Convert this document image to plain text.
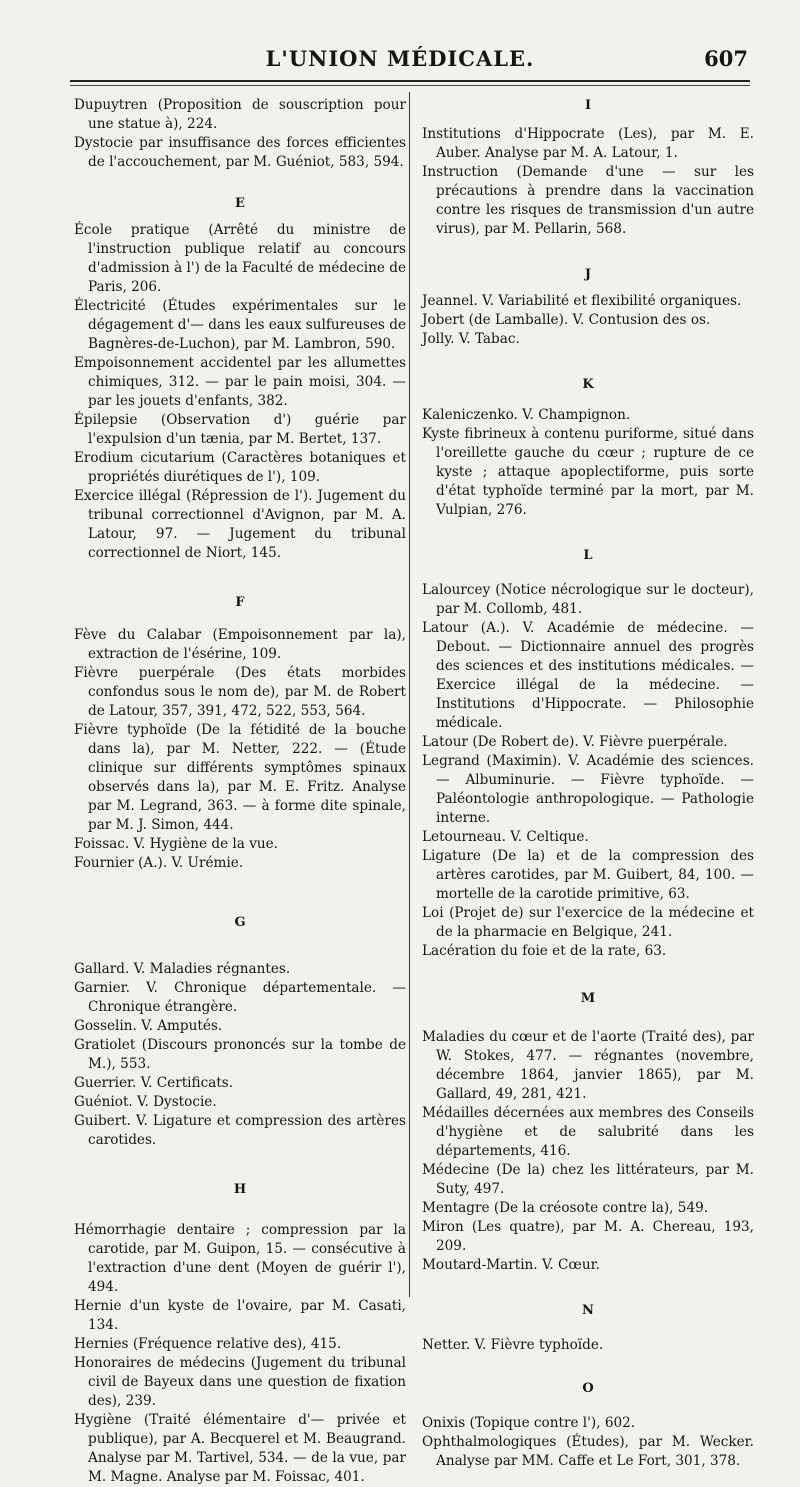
L'UNION MÉDICALE.	607
Dupuytren (Proposition de souscription pour une statue à), 224.
Dystocie par insuffisance des forces efficientes de l'accouchement, par M. Guéniot, 583, 594.
E
École pratique (Arrêté du ministre de l'instruction publique relatif au concours d'admission à l') de la Faculté de médecine de Paris, 206.
Électricité (Études expérimentales sur le dégagement d'— dans les eaux sulfureuses de Bagnères-de-Luchon), par M. Lambron, 590.
Empoisonnement accidentel par les allumettes chimiques, 312. — par le pain moisi, 304. — par les jouets d'enfants, 382.
Épilepsie (Observation d') guérie par l'expulsion d'un tænia, par M. Bertet, 137.
Erodium cicutarium (Caractères botaniques et propriétés diurétiques de l'), 109.
Exercice illégal (Répression de l'). Jugement du tribunal correctionnel d'Avignon, par M. A. Latour, 97. — Jugement du tribunal correctionnel de Niort, 145.
F
Fève du Calabar (Empoisonnement par la), extraction de l'ésérine, 109.
Fièvre puerpérale (Des états morbides confondus sous le nom de), par M. de Robert de Latour, 357, 391, 472, 522, 553, 564.
Fièvre typhoïde (De la fétidité de la bouche dans la), par M. Netter, 222. — (Étude clinique sur différents symptômes spinaux observés dans la), par M. E. Fritz. Analyse par M. Legrand, 363. — à forme dite spinale, par M. J. Simon, 444.
Foissac. V. Hygiène de la vue.
Fournier (A.). V. Urémie.
G
Gallard. V. Maladies régnantes.
Garnier. V. Chronique départementale. — Chronique étrangère.
Gosselin. V. Amputés.
Gratiolet (Discours prononcés sur la tombe de M.), 553.
Guerrier. V. Certificats.
Guéniot. V. Dystocie.
Guibert. V. Ligature et compression des artères carotides.
H
Hémorrhagie dentaire ; compression par la carotide, par M. Guipon, 15. — consécutive à l'extraction d'une dent (Moyen de guérir l'), 494.
Hernie d'un kyste de l'ovaire, par M. Casati, 134.
Hernies (Fréquence relative des), 415.
Honoraires de médecins (Jugement du tribunal civil de Bayeux dans une question de fixation des), 239.
Hygiène (Traité élémentaire d'— privée et publique), par A. Becquerel et M. Beaugrand. Analyse par M. Tartivel, 534. — de la vue, par M. Magne. Analyse par M. Foissac, 401.
I
Institutions d'Hippocrate (Les), par M. E. Auber. Analyse par M. A. Latour, 1.
Instruction (Demande d'une — sur les précautions à prendre dans la vaccination contre les risques de transmission d'un autre virus), par M. Pellarin, 568.
J
Jeannel. V. Variabilité et flexibilité organiques.
Jobert (de Lamballe). V. Contusion des os.
Jolly. V. Tabac.
K
Kaleniczenko. V. Champignon.
Kyste fibrineux à contenu puriforme, situé dans l'oreillette gauche du cœur ; rupture de ce kyste ; attaque apoplectiforme, puis sorte d'état typhoïde terminé par la mort, par M. Vulpian, 276.
L
Lalourcey (Notice nécrologique sur le docteur), par M. Collomb, 481.
Latour (A.). V. Académie de médecine. — Debout. — Dictionnaire annuel des progrès des sciences et des institutions médicales. — Exercice illégal de la médecine. — Institutions d'Hippocrate. — Philosophie médicale.
Latour (De Robert de). V. Fièvre puerpérale.
Legrand (Maximin). V. Académie des sciences. — Albuminurie. — Fièvre typhoïde. — Paléontologie anthropologique. — Pathologie interne.
Letourneau. V. Celtique.
Ligature (De la) et de la compression des artères carotides, par M. Guibert, 84, 100. — mortelle de la carotide primitive, 63.
Loi (Projet de) sur l'exercice de la médecine et de la pharmacie en Belgique, 241.
Lacération du foie et de la rate, 63.
M
Maladies du cœur et de l'aorte (Traité des), par W. Stokes, 477. — régnantes (novembre, décembre 1864, janvier 1865), par M. Gallard, 49, 281, 421.
Médailles décernées aux membres des Conseils d'hygiène et de salubrité dans les départements, 416.
Médecine (De la) chez les littérateurs, par M. Suty, 497.
Mentagre (De la créosote contre la), 549.
Miron (Les quatre), par M. A. Chereau, 193, 209.
Moutard-Martin. V. Cœur.
N
Netter. V. Fièvre typhoïde.
O
Onixis (Topique contre l'), 602.
Ophthalmologiques (Études), par M. Wecker. Analyse par MM. Caffe et Le Fort, 301, 378.
